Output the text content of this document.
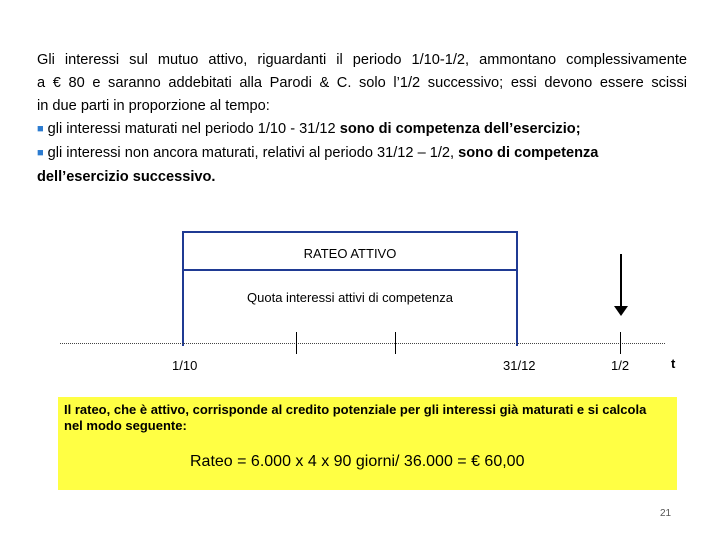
Gli interessi sul mutuo attivo, riguardanti il periodo 1/10-1/2, ammontano complessivamente

a € 80 e saranno addebitati alla Parodi & C. solo l’1/2 successivo; essi devono essere scissi

in due parti in proporzione al tempo:

■ gli interessi maturati nel periodo 1/10 - 31/12 sono di competenza dell’esercizio;

■ gli interessi non ancora maturati, relativi al periodo 31/12 – 1/2, sono di competenza

dell’esercizio successivo.

RATEO ATTIVO
Quota interessi attivi di competenza
1/10	31/12	1/2	t
Il rateo, che è attivo, corrisponde al credito potenziale per gli interessi già maturati e si calcola nel modo seguente:
Rateo = 6.000 x 4 x 90 giorni/ 36.000 = € 60,00
21
